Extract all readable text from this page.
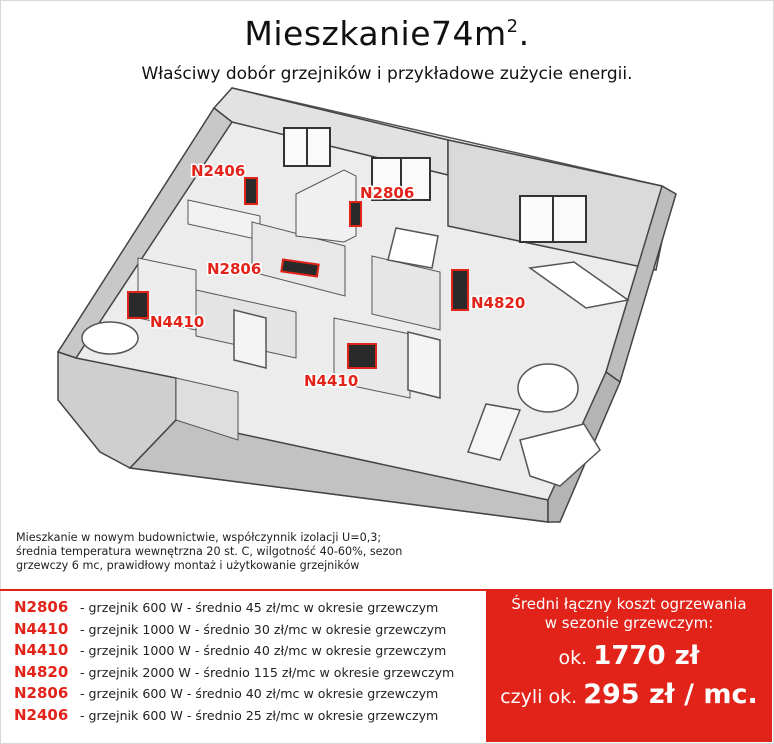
$Mieszkanie74m^2$.
Właściwy dobór grzejników i przykładowe zużycie energii.
N2406
N2806
N2806
N4410
N4820
N4410
Mieszkanie w nowym budownictwie, współczynnik izolacji U=0,3;
średnia temperatura wewnętrzna 20 st. C, wilgotność 40-60%, sezon
grzewczy 6 mc, prawidłowy montaż i użytkowanie grzejników
N2806 - grzejnik 600 W - średnio 45 zł/mc w okresie grzewczym
N4410 - grzejnik 1000 W - średnio 30 zł/mc w okresie grzewczym
N4410 - grzejnik 1000 W - średnio 40 zł/mc w okresie grzewczym
N4820 - grzejnik 2000 W - średnio 115 zł/mc w okresie grzewczym
N2806 - grzejnik 600 W - średnio 40 zł/mc w okresie grzewczym
N2406 - grzejnik 600 W - średnio 25 zł/mc w okresie grzewczym
Średni łączny koszt ogrzewania
w sezonie grzewczym:
ok. 1770 zł
czyli ok. 295 zł / mc.
